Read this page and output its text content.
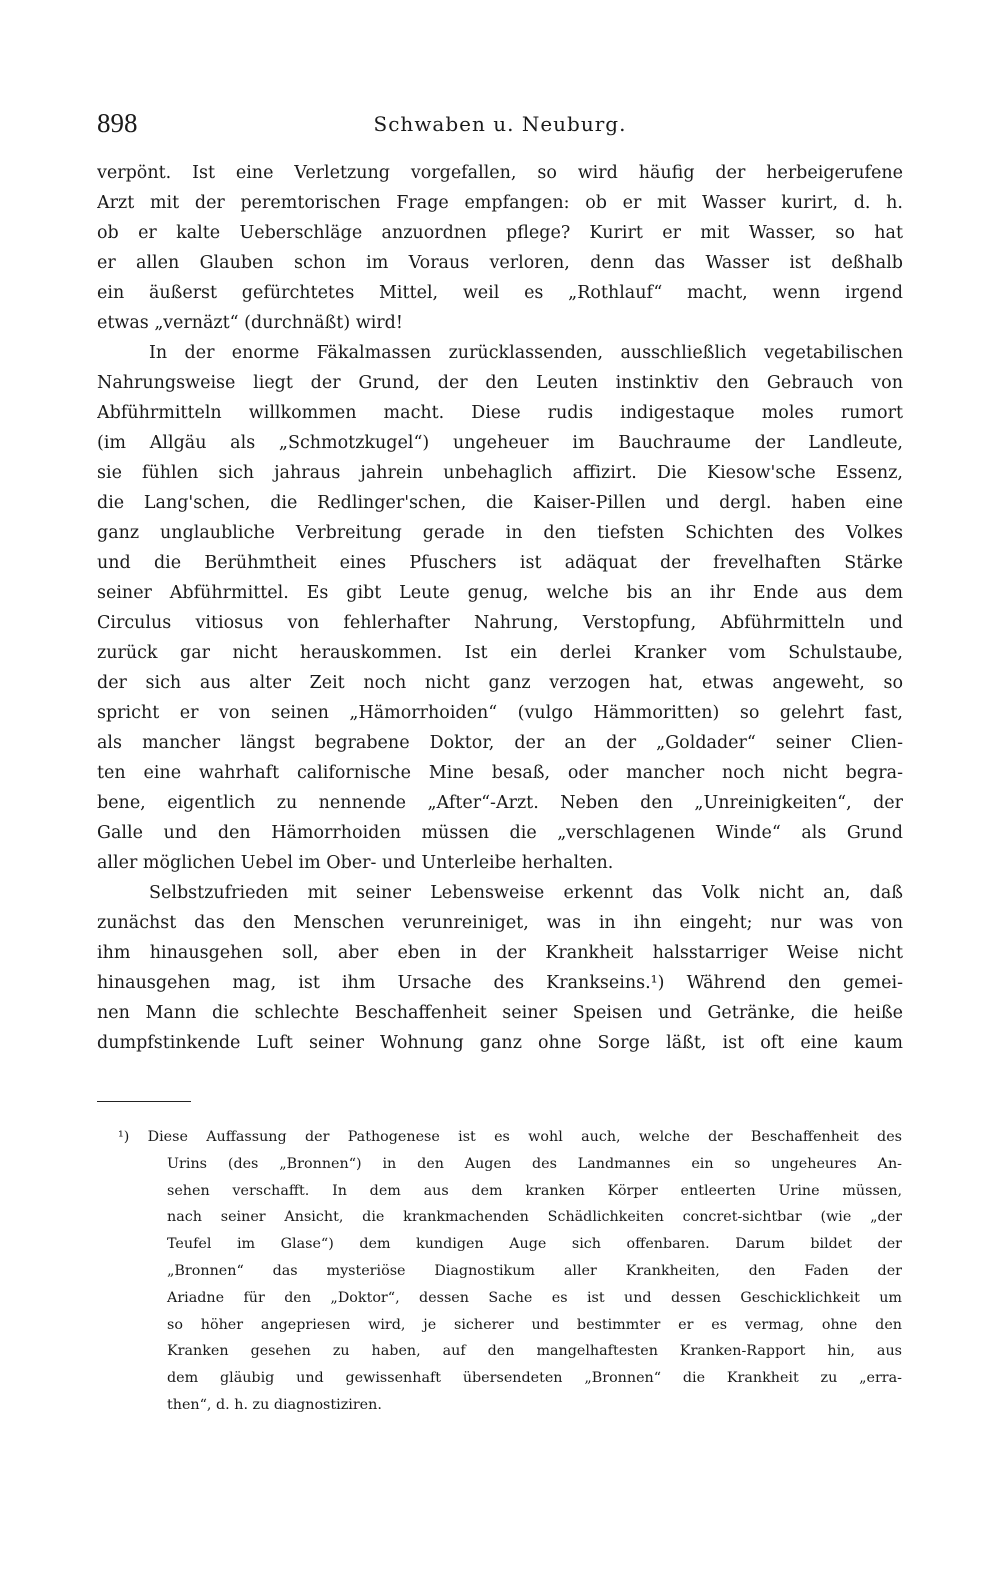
898	Schwaben u. Neuburg.
verpönt. Ist eine Verletzung vorgefallen, so wird häufig der herbeigerufene
Arzt mit der peremtorischen Frage empfangen: ob er mit Wasser kurirt, d. h.
ob er kalte Ueberschläge anzuordnen pflege? Kurirt er mit Wasser, so hat
er allen Glauben schon im Voraus verloren, denn das Wasser ist deßhalb
ein äußerst gefürchtetes Mittel, weil es „Rothlauf“ macht, wenn irgend
etwas „vernäzt“ (durchnäßt) wird!
In der enorme Fäkalmassen zurücklassenden, ausschließlich vegetabilischen
Nahrungsweise liegt der Grund, der den Leuten instinktiv den Gebrauch von
Abführmitteln willkommen macht. Diese rudis indigestaque moles rumort
(im Allgäu als „Schmotzkugel“) ungeheuer im Bauchraume der Landleute,
sie fühlen sich jahraus jahrein unbehaglich affizirt. Die Kiesow'sche Essenz,
die Lang'schen, die Redlinger'schen, die Kaiser-Pillen und dergl. haben eine
ganz unglaubliche Verbreitung gerade in den tiefsten Schichten des Volkes
und die Berühmtheit eines Pfuschers ist adäquat der frevelhaften Stärke
seiner Abführmittel. Es gibt Leute genug, welche bis an ihr Ende aus dem
Circulus vitiosus von fehlerhafter Nahrung, Verstopfung, Abführmitteln und
zurück gar nicht herauskommen. Ist ein derlei Kranker vom Schulstaube,
der sich aus alter Zeit noch nicht ganz verzogen hat, etwas angeweht, so
spricht er von seinen „Hämorrhoiden“ (vulgo Hämmoritten) so gelehrt fast,
als mancher längst begrabene Doktor, der an der „Goldader“ seiner Clien-
ten eine wahrhaft californische Mine besaß, oder mancher noch nicht begra-
bene, eigentlich zu nennende „After“-Arzt. Neben den „Unreinigkeiten“, der
Galle und den Hämorrhoiden müssen die „verschlagenen Winde“ als Grund
aller möglichen Uebel im Ober- und Unterleibe herhalten.
Selbstzufrieden mit seiner Lebensweise erkennt das Volk nicht an, daß
zunächst das den Menschen verunreiniget, was in ihn eingeht; nur was von
ihm hinausgehen soll, aber eben in der Krankheit halsstarriger Weise nicht
hinausgehen mag, ist ihm Ursache des Krankseins.¹) Während den gemei-
nen Mann die schlechte Beschaffenheit seiner Speisen und Getränke, die heiße
dumpfstinkende Luft seiner Wohnung ganz ohne Sorge läßt, ist oft eine kaum
¹) Diese Auffassung der Pathogenese ist es wohl auch, welche der Beschaffenheit des
Urins (des „Bronnen“) in den Augen des Landmannes ein so ungeheures An-
sehen verschafft. In dem aus dem kranken Körper entleerten Urine müssen,
nach seiner Ansicht, die krankmachenden Schädlichkeiten concret-sichtbar (wie „der
Teufel im Glase“) dem kundigen Auge sich offenbaren. Darum bildet der
„Bronnen“ das mysteriöse Diagnostikum aller Krankheiten, den Faden der
Ariadne für den „Doktor“, dessen Sache es ist und dessen Geschicklichkeit um
so höher angepriesen wird, je sicherer und bestimmter er es vermag, ohne den
Kranken gesehen zu haben, auf den mangelhaftesten Kranken-Rapport hin, aus
dem gläubig und gewissenhaft übersendeten „Bronnen“ die Krankheit zu „erra-
then“, d. h. zu diagnostiziren.
